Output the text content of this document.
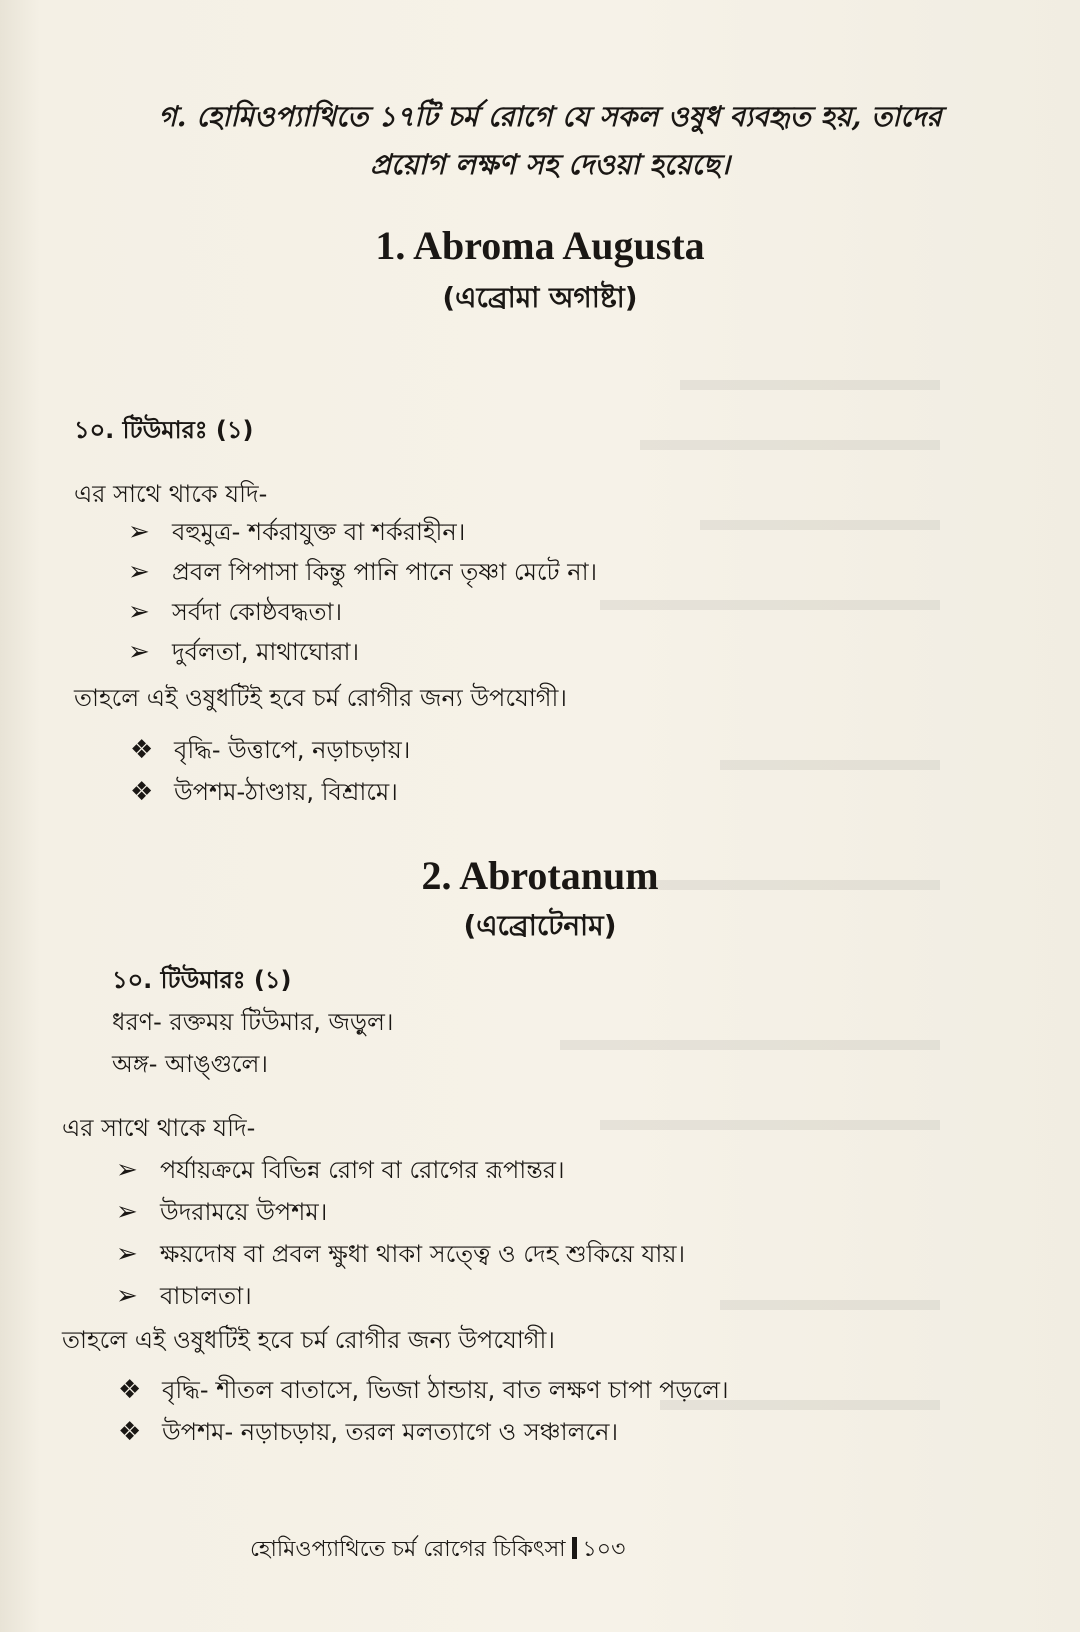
গ. হোমিওপ্যাথিতে ১৭টি চর্ম রোগে যে সকল ওষুধ ব্যবহৃত হয়, তাদের

প্রয়োগ লক্ষণ সহ দেওয়া হয়েছে।

1. Abroma Augusta
(এব্রোমা অগাষ্টা)

১০. টিউমারঃ (১)

এর সাথে থাকে যদি-

➢ বহুমুত্র- শর্করাযুক্ত বা শর্করাহীন।
➢ প্রবল পিপাসা কিন্তু পানি পানে তৃষ্ণা মেটে না।
➢ সর্বদা কোষ্ঠবদ্ধতা।
➢ দুর্বলতা, মাথাঘোরা।

তাহলে এই ওষুধটিই হবে চর্ম রোগীর জন্য উপযোগী।

❖ বৃদ্ধি- উত্তাপে, নড়াচড়ায়।
❖ উপশম-ঠাণ্ডায়, বিশ্রামে।
2. Abrotanum
(এব্রোটেনাম)

১০. টিউমারঃ (১)

ধরণ- রক্তময় টিউমার, জড়ুল।

অঙ্গ- আঙ্গুলে।

এর সাথে থাকে যদি-

➢ পর্যায়ক্রমে বিভিন্ন রোগ বা রোগের রূপান্তর।
➢ উদরাময়ে উপশম।
➢ ক্ষয়দোষ বা প্রবল ক্ষুধা থাকা সত্ত্বে ও দেহ শুকিয়ে যায়।
➢ বাচালতা।

তাহলে এই ওষুধটিই হবে চর্ম রোগীর জন্য উপযোগী।

❖ বৃদ্ধি- শীতল বাতাসে, ভিজা ঠান্ডায়, বাত লক্ষণ চাপা পড়লে।
❖ উপশম- নড়াচড়ায়, তরল মলত্যাগে ও সঞ্চালনে।
হোমিওপ্যাথিতে চর্ম রোগের চিকিৎসা ১০৩
